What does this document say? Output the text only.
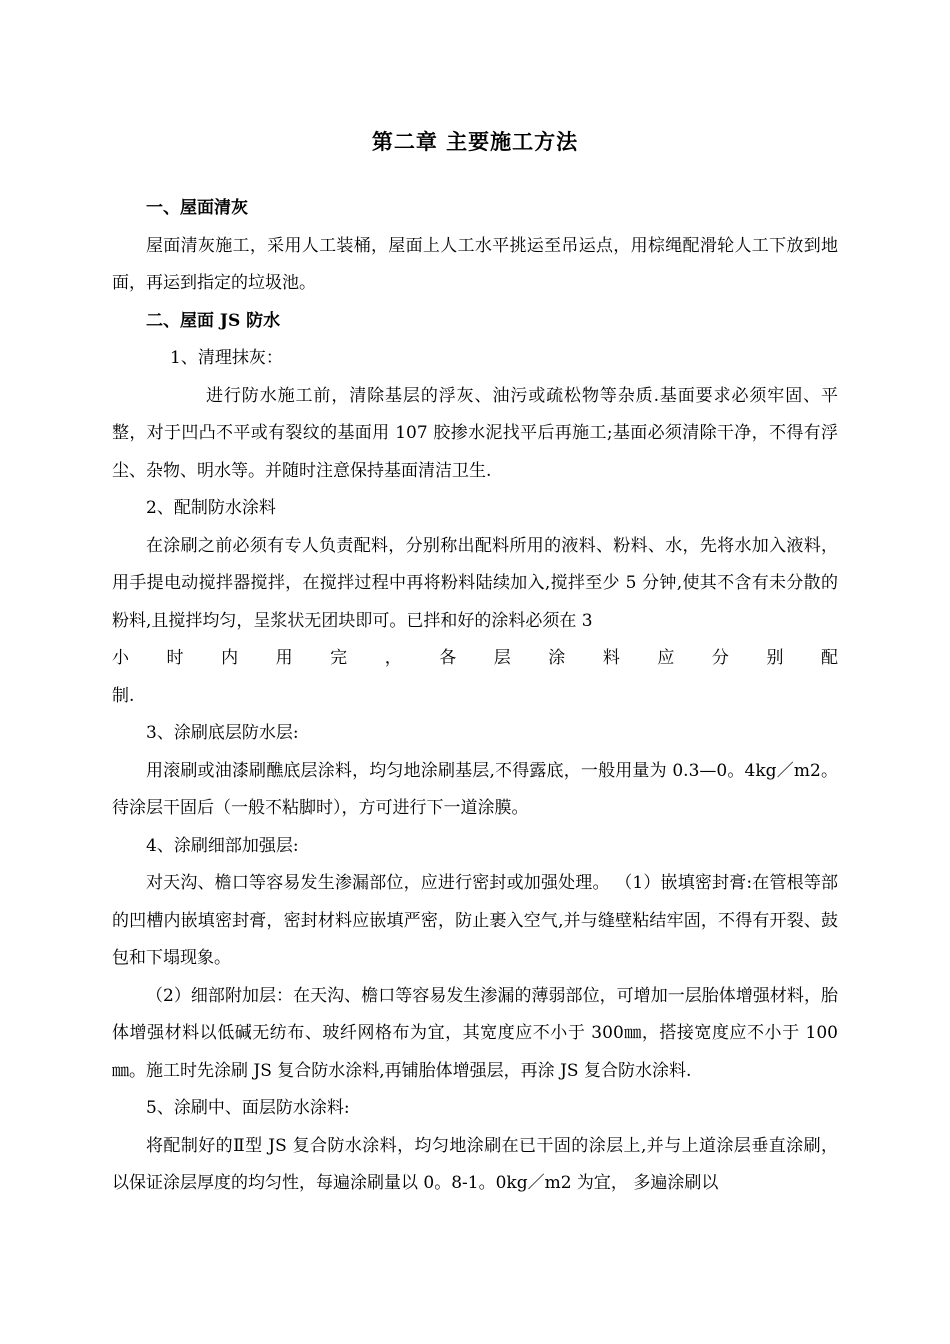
第二章 主要施工方法

一、屋面清灰

屋面清灰施工，采用人工装桶，屋面上人工水平挑运至吊运点，用棕绳配滑轮人工下放到地面，再运到指定的垃圾池。

二、屋面 JS 防水

1、清理抹灰：

进行防水施工前，清除基层的浮灰、油污或疏松物等杂质.基面要求必须牢固、平整，对于凹凸不平或有裂纹的基面用 107 胶掺水泥找平后再施工;基面必须清除干净，不得有浮尘、杂物、明水等。并随时注意保持基面清洁卫生.

2、配制防水涂料

在涂刷之前必须有专人负责配料，分别称出配料所用的液料、粉料、水，先将水加入液料，用手提电动搅拌器搅拌，在搅拌过程中再将粉料陆续加入,搅拌至少 5 分钟,使其不含有未分散的粉料,且搅拌均匀，呈浆状无团块即可。已拌和好的涂料必须在 3

小时内用完，各层涂料应分别配

制.

3、涂刷底层防水层:

用滚刷或油漆刷醮底层涂料，均匀地涂刷基层,不得露底，一般用量为 0.3—0。4kg／m2。待涂层干固后（一般不粘脚时），方可进行下一道涂膜。

4、涂刷细部加强层:

对天沟、檐口等容易发生渗漏部位，应进行密封或加强处理。 （1）嵌填密封膏:在管根等部的凹槽内嵌填密封膏，密封材料应嵌填严密，防止裹入空气,并与缝壁粘结牢固，不得有开裂、鼓包和下塌现象。

（2）细部附加层：在天沟、檐口等容易发生渗漏的薄弱部位，可增加一层胎体增强材料，胎体增强材料以低碱无纺布、玻纤网格布为宜，其宽度应不小于 300㎜，搭接宽度应不小于 100㎜。施工时先涂刷 JS 复合防水涂料,再铺胎体增强层，再涂 JS 复合防水涂料.

5、涂刷中、面层防水涂料:

将配制好的Ⅱ型 JS 复合防水涂料，均匀地涂刷在已干固的涂层上,并与上道涂层垂直涂刷，以保证涂层厚度的均匀性，每遍涂刷量以 0。8-1。0kg／m2 为宜， 多遍涂刷以
